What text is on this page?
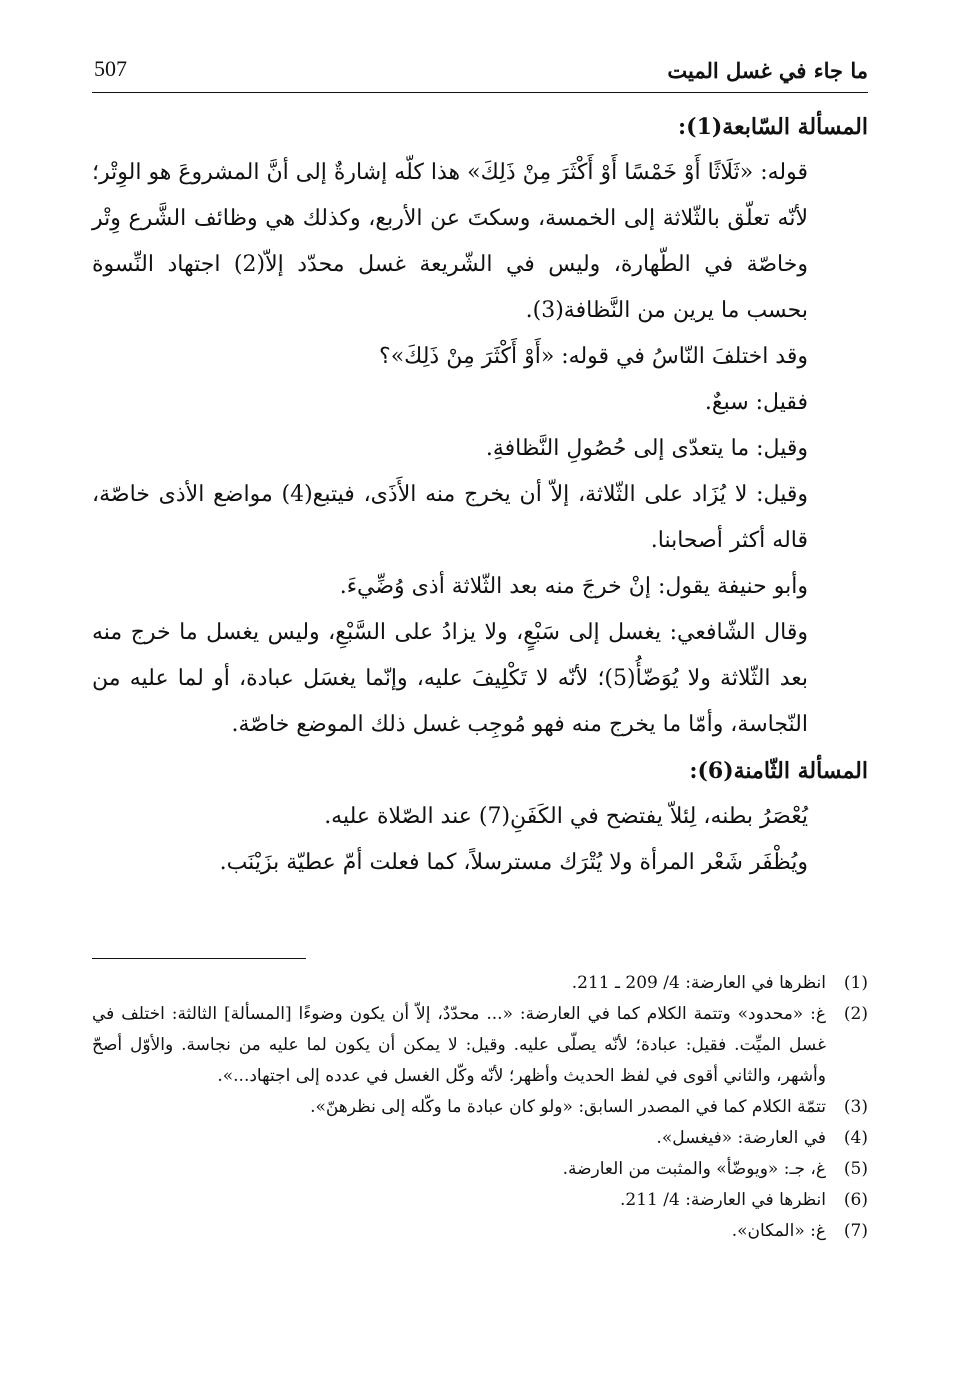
ما جاء في غسل الميت
507

المسألة السّابعة(1):

قوله: «ثَلَاثًا أَوْ خَمْسًا أَوْ أَكْثَرَ مِنْ ذَلِكَ» هذا كلّه إشارةٌ إلى أنَّ المشروعَ هو الوِتْر؛ لأنّه تعلّق بالثّلاثة إلى الخمسة، وسكتَ عن الأربع، وكذلك هي وظائف الشَّرع وِتْر وخاصّة في الطّهارة، وليس في الشّريعة غسل محدّد إلاّ(2) اجتهاد النِّسوة بحسب ما يرين من النَّظافة(3).

وقد اختلفَ النّاسُ في قوله: «أَوْ أَكْثَرَ مِنْ ذَلِكَ»؟

فقيل: سبعٌ.

وقيل: ما يتعدّى إلى حُصُولِ النَّظافةِ.

وقيل: لا يُزَاد على الثّلاثة، إلاّ أن يخرج منه الأَذَى، فيتبع(4) مواضع الأذى خاصّة، قاله أكثر أصحابنا.

وأبو حنيفة يقول: إنْ خرجَ منه بعد الثّلاثة أذى وُضِّيءَ.

وقال الشّافعي: يغسل إلى سَبْعٍ، ولا يزادُ على السَّبْعِ، وليس يغسل ما خرج منه بعد الثّلاثة ولا يُوَضّأُ(5)؛ لأنّه لا تَكْلِيفَ عليه، وإنّما يغسَل عبادة، أو لما عليه من النّجاسة، وأمّا ما يخرج منه فهو مُوجِب غسل ذلك الموضع خاصّة.

المسألة الثّامنة(6):

يُعْصَرُ بطنه، لِئلاّ يفتضح في الكَفَنِ(7) عند الصّلاة عليه.

ويُظْفَر شَعْر المرأة ولا يُتْرَك مسترسلاً، كما فعلت أمّ عطيّة بزَيْنَب.

(1)
انظرها في العارضة: 4/ 209 ـ 211.
(2)
غ: «محدود» وتتمة الكلام كما في العارضة: «... محدّدٌ، إلاّ أن يكون وضوءًا [المسألة] الثالثة: اختلف في غسل الميِّت. فقيل: عبادة؛ لأنّه يصلّى عليه. وقيل: لا يمكن أن يكون لما عليه من نجاسة. والأوّل أصحّ وأشهر، والثاني أقوى في لفظ الحديث وأظهر؛ لأنّه وكّل الغسل في عدده إلى اجتهاد...».
(3)
تتمّة الكلام كما في المصدر السابق: «ولو كان عبادة ما وكّله إلى نظرهنّ».
(4)
في العارضة: «فيغسل».
(5)
غ، جـ: «ويوضّأ» والمثبت من العارضة.
(6)
انظرها في العارضة: 4/ 211.
(7)
غ: «المكان».
